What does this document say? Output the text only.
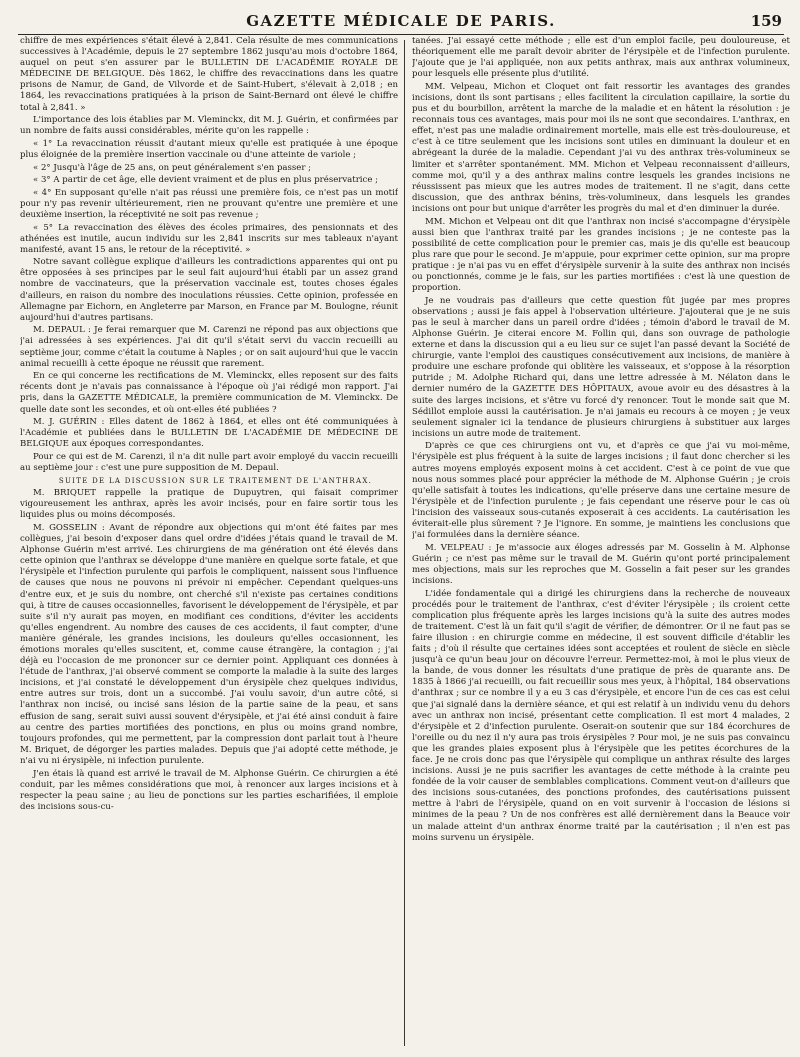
GAZETTE MÉDICALE DE PARIS.	159

chiffre de mes expériences s'était élevé à 2,841. Cela résulte de mes communications successives à l'Académie, depuis le 27 septembre 1862 jusqu'au mois d'octobre 1864, auquel on peut s'en assurer par le BULLETIN DE L'ACADÉMIE ROYALE DE MÉDECINE DE BELGIQUE. Dès 1862, le chiffre des revaccinations dans les quatre prisons de Namur, de Gand, de Vilvorde et de Saint-Hubert, s'élevait à 2,018 ; en 1864, les revaccinations pratiquées à la prison de Saint-Bernard ont élevé le chiffre total à 2,841. »

L'importance des lois établies par M. Vleminckx, dit M. J. Guérin, et confirmées par un nombre de faits aussi considérables, mérite qu'on les rappelle :

« 1° La revaccination réussit d'autant mieux qu'elle est pratiquée à une époque plus éloignée de la première insertion vaccinale ou d'une atteinte de variole ;

« 2° Jusqu'à l'âge de 25 ans, on peut généralement s'en passer ;

« 3° A partir de cet âge, elle devient vraiment et de plus en plus préservatrice ;

« 4° En supposant qu'elle n'ait pas réussi une première fois, ce n'est pas un motif pour n'y pas revenir ultérieurement, rien ne prouvant qu'entre une première et une deuxième insertion, la réceptivité ne soit pas revenue ;

« 5° La revaccination des élèves des écoles primaires, des pensionnats et des athénées est inutile, aucun individu sur les 2,841 inscrits sur mes tableaux n'ayant manifesté, avant 15 ans, le retour de la réceptivité. »

Notre savant collègue explique d'ailleurs les contradictions apparentes qui ont pu être opposées à ses principes par le seul fait aujourd'hui établi par un assez grand nombre de vaccinateurs, que la préservation vaccinale est, toutes choses égales d'ailleurs, en raison du nombre des inoculations réussies. Cette opinion, professée en Allemagne par Eichorn, en Angleterre par Marson, en France par M. Boulogne, réunit aujourd'hui d'autres partisans.

M. DEPAUL : Je ferai remarquer que M. Carenzi ne répond pas aux objections que j'ai adressées à ses expériences. J'ai dit qu'il s'était servi du vaccin recueilli au septième jour, comme c'était la coutume à Naples ; or on sait aujourd'hui que le vaccin animal recueilli à cette époque ne réussit que rarement.

En ce qui concerne les rectifications de M. Vleminckx, elles reposent sur des faits récents dont je n'avais pas connaissance à l'époque où j'ai rédigé mon rapport. J'ai pris, dans la GAZETTE MÉDICALE, la première communication de M. Vleminckx. De quelle date sont les secondes, et où ont-elles été publiées ?

M. J. GUÉRIN : Elles datent de 1862 à 1864, et elles ont été communiquées à l'Académie et publiées dans le BULLETIN DE L'ACADÉMIE DE MÉDECINE DE BELGIQUE aux époques correspondantes.

Pour ce qui est de M. Carenzi, il n'a dit nulle part avoir employé du vaccin recueilli au septième jour : c'est une pure supposition de M. Depaul.

SUITE DE LA DISCUSSION SUR LE TRAITEMENT DE L'ANTHRAX.

M. BRIQUET rappelle la pratique de Dupuytren, qui faisait comprimer vigoureusement les anthrax, après les avoir incisés, pour en faire sortir tous les liquides plus ou moins décomposés.

M. GOSSELIN : Avant de répondre aux objections qui m'ont été faites par mes collègues, j'ai besoin d'exposer dans quel ordre d'idées j'étais quand le travail de M. Alphonse Guérin m'est arrivé. Les chirurgiens de ma génération ont été élevés dans cette opinion que l'anthrax se développe d'une manière en quelque sorte fatale, et que l'érysipèle et l'infection purulente qui parfois le compliquent, naissent sous l'influence de causes que nous ne pouvons ni prévoir ni empêcher. Cependant quelques-uns d'entre eux, et je suis du nombre, ont cherché s'il n'existe pas certaines conditions qui, à titre de causes occasionnelles, favorisent le développement de l'érysipèle, et par suite s'il n'y aurait pas moyen, en modifiant ces conditions, d'éviter les accidents qu'elles engendrent. Au nombre des causes de ces accidents, il faut compter, d'une manière générale, les grandes incisions, les douleurs qu'elles occasionnent, les émotions morales qu'elles suscitent, et, comme cause étrangère, la contagion ; j'ai déjà eu l'occasion de me prononcer sur ce dernier point. Appliquant ces données à l'étude de l'anthrax, j'ai observé comment se comporte la maladie à la suite des larges incisions, et j'ai constaté le développement d'un érysipèle chez quelques individus, entre autres sur trois, dont un a succombé. J'ai voulu savoir, d'un autre côté, si l'anthrax non incisé, ou incisé sans lésion de la partie saine de la peau, et sans effusion de sang, serait suivi aussi souvent d'érysipèle, et j'ai été ainsi conduit à faire au centre des parties mortifiées des ponctions, en plus ou moins grand nombre, toujours profondes, qui me permettent, par la compression dont parlait tout à l'heure M. Briquet, de dégorger les parties malades. Depuis que j'ai adopté cette méthode, je n'ai vu ni érysipèle, ni infection purulente.

J'en étais là quand est arrivé le travail de M. Alphonse Guérin. Ce chirurgien a été conduit, par les mêmes considérations que moi, à renoncer aux larges incisions et à respecter la peau saine ; au lieu de ponctions sur les parties escharifiées, il emploie des incisions sous-cu-

tanées. J'ai essayé cette méthode ; elle est d'un emploi facile, peu douloureuse, et théoriquement elle me paraît devoir abriter de l'érysipèle et de l'infection purulente. J'ajoute que je l'ai appliquée, non aux petits anthrax, mais aux anthrax volumineux, pour lesquels elle présente plus d'utilité.

MM. Velpeau, Michon et Cloquet ont fait ressortir les avantages des grandes incisions, dont ils sont partisans ; elles facilitent la circulation capillaire, la sortie du pus et du bourbillon, arrêtent la marche de la maladie et en hâtent la résolution : je reconnais tous ces avantages, mais pour moi ils ne sont que secondaires. L'anthrax, en effet, n'est pas une maladie ordinairement mortelle, mais elle est très-douloureuse, et c'est à ce titre seulement que les incisions sont utiles en diminuant la douleur et en abrégeant la durée de la maladie. Cependant j'ai vu des anthrax très-volumineux se limiter et s'arrêter spontanément. MM. Michon et Velpeau reconnaissent d'ailleurs, comme moi, qu'il y a des anthrax malins contre lesquels les grandes incisions ne réussissent pas mieux que les autres modes de traitement. Il ne s'agit, dans cette discussion, que des anthrax bénins, très-volumineux, dans lesquels les grandes incisions ont pour but unique d'arrêter les progrès du mal et d'en diminuer la durée.

MM. Michon et Velpeau ont dit que l'anthrax non incisé s'accompagne d'érysipèle aussi bien que l'anthrax traité par les grandes incisions ; je ne conteste pas la possibilité de cette complication pour le premier cas, mais je dis qu'elle est beaucoup plus rare que pour le second. Je m'appuie, pour exprimer cette opinion, sur ma propre pratique : je n'ai pas vu en effet d'érysipèle survenir à la suite des anthrax non incisés ou ponctionnés, comme je le fais, sur les parties mortifiées : c'est là une question de proportion.

Je ne voudrais pas d'ailleurs que cette question fût jugée par mes propres observations ; aussi je fais appel à l'observation ultérieure. J'ajouterai que je ne suis pas le seul à marcher dans un pareil ordre d'idées ; témoin d'abord le travail de M. Alphonse Guérin. Je citerai encore M. Follin qui, dans son ouvrage de pathologie externe et dans la discussion qui a eu lieu sur ce sujet l'an passé devant la Société de chirurgie, vante l'emploi des caustiques consécutivement aux incisions, de manière à produire une eschare profonde qui oblitère les vaisseaux, et s'oppose à la résorption putride ; M. Adolphe Richard qui, dans une lettre adressée à M. Nélaton dans le dernier numéro de la GAZETTE DES HÔPITAUX, avoue avoir eu des désastres à la suite des larges incisions, et s'être vu forcé d'y renoncer. Tout le monde sait que M. Sédillot emploie aussi la cautérisation. Je n'ai jamais eu recours à ce moyen ; je veux seulement signaler ici la tendance de plusieurs chirurgiens à substituer aux larges incisions un autre mode de traitement.

D'après ce que ces chirurgiens ont vu, et d'après ce que j'ai vu moi-même, l'érysipèle est plus fréquent à la suite de larges incisions ; il faut donc chercher si les autres moyens employés exposent moins à cet accident. C'est à ce point de vue que nous nous sommes placé pour apprécier la méthode de M. Alphonse Guérin ; je crois qu'elle satisfait à toutes les indications, qu'elle préserve dans une certaine mesure de l'érysipèle et de l'infection purulente ; je fais cependant une réserve pour le cas où l'incision des vaisseaux sous-cutanés exposerait à ces accidents. La cautérisation les éviterait-elle plus sûrement ? Je l'ignore. En somme, je maintiens les conclusions que j'ai formulées dans la dernière séance.

M. VELPEAU : Je m'associe aux éloges adressés par M. Gosselin à M. Alphonse Guérin ; ce n'est pas même sur le travail de M. Guérin qu'ont porté principalement mes objections, mais sur les reproches que M. Gosselin a fait peser sur les grandes incisions.

L'idée fondamentale qui a dirigé les chirurgiens dans la recherche de nouveaux procédés pour le traitement de l'anthrax, c'est d'éviter l'érysipèle ; ils croient cette complication plus fréquente après les larges incisions qu'à la suite des autres modes de traitement. C'est là un fait qu'il s'agit de vérifier, de démontrer. Or il ne faut pas se faire illusion : en chirurgie comme en médecine, il est souvent difficile d'établir les faits ; d'où il résulte que certaines idées sont acceptées et roulent de siècle en siècle jusqu'à ce qu'un beau jour on découvre l'erreur. Permettez-moi, à moi le plus vieux de la bande, de vous donner les résultats d'une pratique de près de quarante ans. De 1835 à 1866 j'ai recueilli, ou fait recueillir sous mes yeux, à l'hôpital, 184 observations d'anthrax ; sur ce nombre il y a eu 3 cas d'érysipèle, et encore l'un de ces cas est celui que j'ai signalé dans la dernière séance, et qui est relatif à un individu venu du dehors avec un anthrax non incisé, présentant cette complication. Il est mort 4 malades, 2 d'érysipèle et 2 d'infection purulente. Oserait-on soutenir que sur 184 écorchures de l'oreille ou du nez il n'y aura pas trois érysipèles ? Pour moi, je ne suis pas convaincu que les grandes plaies exposent plus à l'érysipèle que les petites écorchures de la face. Je ne crois donc pas que l'érysipèle qui complique un anthrax résulte des larges incisions. Aussi je ne puis sacrifier les avantages de cette méthode à la crainte peu fondée de la voir causer de semblables complications. Comment veut-on d'ailleurs que des incisions sous-cutanées, des ponctions profondes, des cautérisations puissent mettre à l'abri de l'érysipèle, quand on en voit survenir à l'occasion de lésions si minimes de la peau ? Un de nos confrères est allé dernièrement dans la Beauce voir un malade atteint d'un anthrax énorme traité par la cautérisation ; il n'en est pas moins survenu un érysipèle.
